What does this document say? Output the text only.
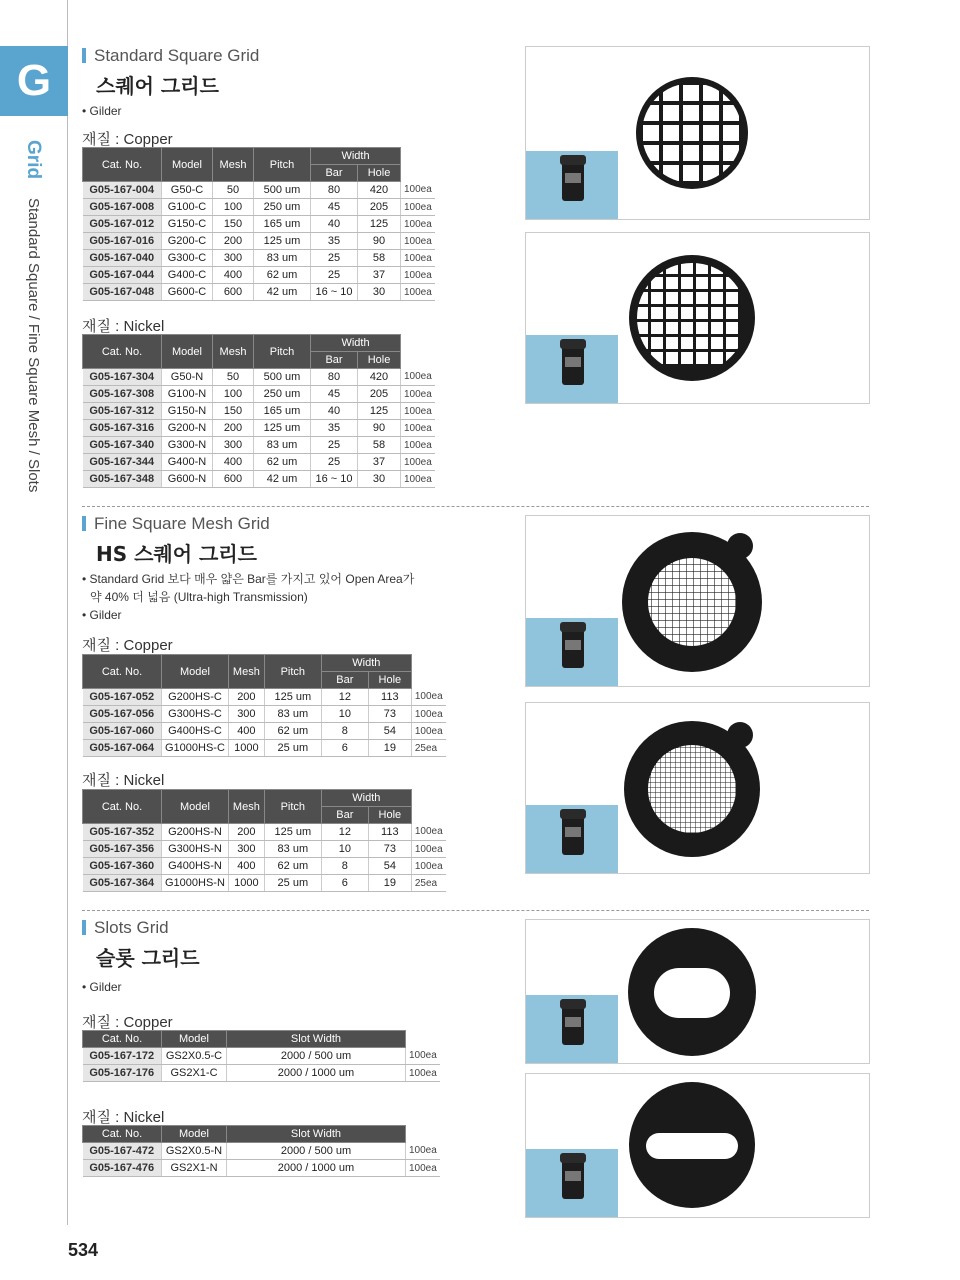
G
Grid Standard Square / Fine Square Mesh / Slots
Standard Square Grid
스퀘어 그리드
• Gilder
재질 : Copper
Cat. No.	Model	Mesh	Pitch	Width		
				Bar	Hole	
G05-167-004	G50-C	50	500 um	80	420	100ea
G05-167-008	G100-C	100	250 um	45	205	100ea
G05-167-012	G150-C	150	165 um	40	125	100ea
G05-167-016	G200-C	200	125 um	35	90	100ea
G05-167-040	G300-C	300	83 um	25	58	100ea
G05-167-044	G400-C	400	62 um	25	37	100ea
G05-167-048	G600-C	600	42 um	16 ~ 10	30	100ea
재질 : Nickel
Cat. No.	Model	Mesh	Pitch	Width		
				Bar	Hole	
G05-167-304	G50-N	50	500 um	80	420	100ea
G05-167-308	G100-N	100	250 um	45	205	100ea
G05-167-312	G150-N	150	165 um	40	125	100ea
G05-167-316	G200-N	200	125 um	35	90	100ea
G05-167-340	G300-N	300	83 um	25	58	100ea
G05-167-344	G400-N	400	62 um	25	37	100ea
G05-167-348	G600-N	600	42 um	16 ~ 10	30	100ea
Fine Square Mesh Grid
HS 스퀘어 그리드
• Standard Grid 보다 매우 얇은 Bar를 가지고 있어 Open Area가
약 40% 더 넓음 (Ultra-high Transmission)
• Gilder
재질 : Copper
Cat. No.	Model	Mesh	Pitch	Width		
				Bar	Hole	
G05-167-052	G200HS-C	200	125 um	12	113	100ea
G05-167-056	G300HS-C	300	83 um	10	73	100ea
G05-167-060	G400HS-C	400	62 um	8	54	100ea
G05-167-064	G1000HS-C	1000	25 um	6	19	25ea
재질 : Nickel
Cat. No.	Model	Mesh	Pitch	Width		
				Bar	Hole	
G05-167-352	G200HS-N	200	125 um	12	113	100ea
G05-167-356	G300HS-N	300	83 um	10	73	100ea
G05-167-360	G400HS-N	400	62 um	8	54	100ea
G05-167-364	G1000HS-N	1000	25 um	6	19	25ea
Slots Grid
슬롯 그리드
• Gilder
재질 : Copper
Cat. No.	Model	Slot Width	
G05-167-172	GS2X0.5-C	2000 / 500 um	100ea
G05-167-176	GS2X1-C	2000 / 1000 um	100ea
재질 : Nickel
Cat. No.	Model	Slot Width	
G05-167-472	GS2X0.5-N	2000 / 500 um	100ea
G05-167-476	GS2X1-N	2000 / 1000 um	100ea
534
